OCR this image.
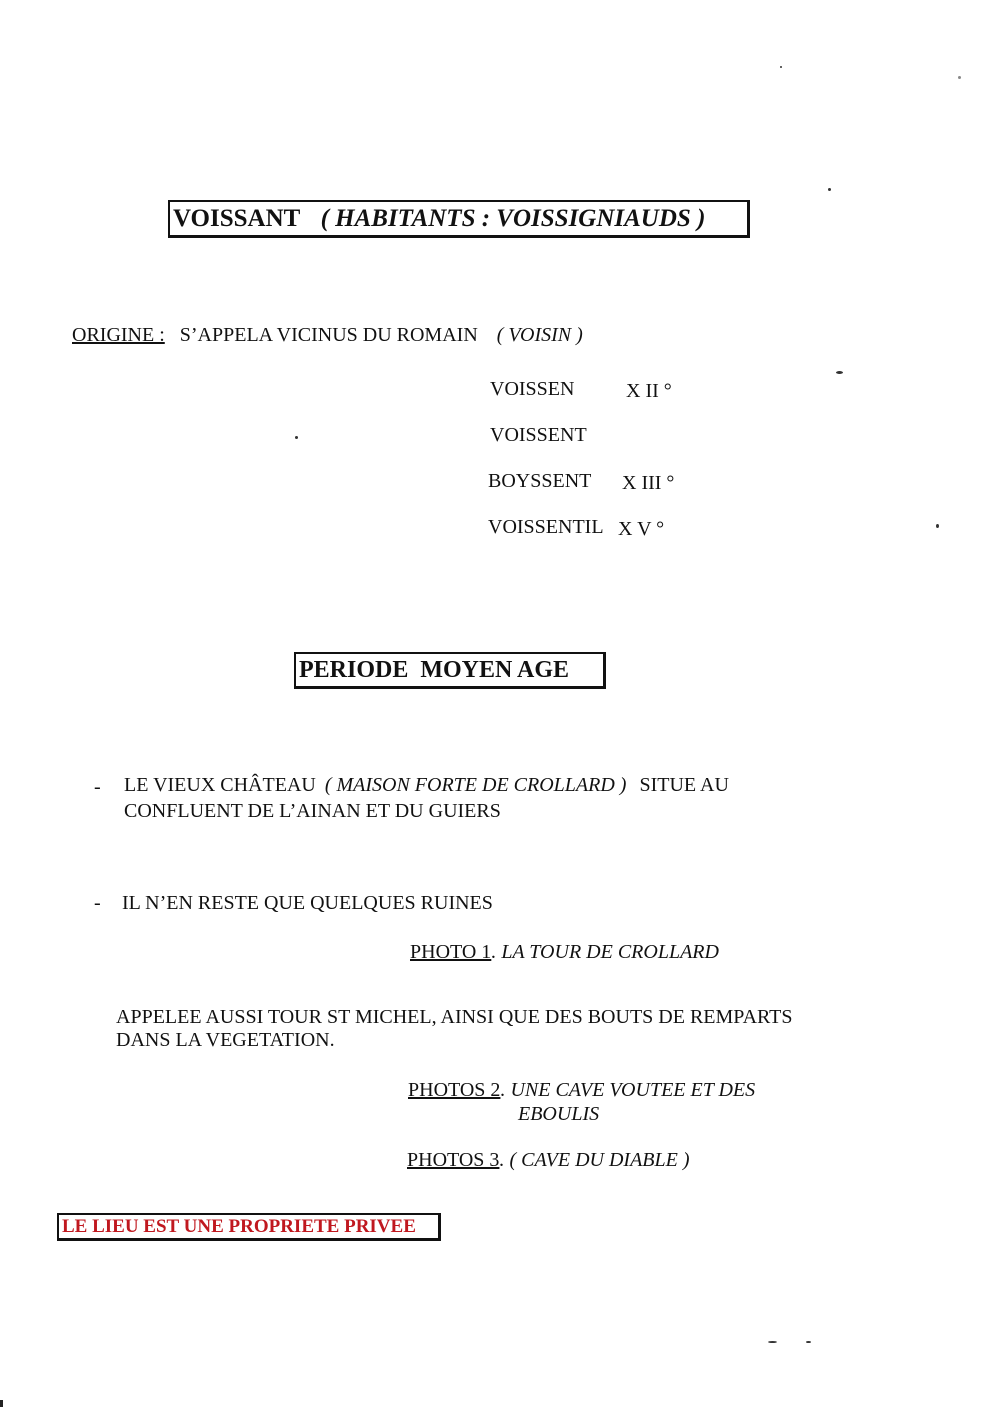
VOISSANT ( HABITANTS : VOISSIGNIAUDS )
ORIGINE : S’APPELA VICINUS DU ROMAIN ( VOISIN )
VOISSEN	X II °
VOISSENT
BOYSSENT X III °
VOISSENTIL X V °
PERIODE  MOYEN AGE
- LE VIEUX CHÂTEAU ( MAISON FORTE DE CROLLARD ) SITUE AU
CONFLUENT DE L’AINAN ET DU GUIERS
- IL N’EN RESTE QUE QUELQUES RUINES
PHOTO 1. LA TOUR DE CROLLARD
APPELEE AUSSI TOUR ST MICHEL, AINSI QUE DES BOUTS DE REMPARTS
DANS LA VEGETATION.
PHOTOS 2. UNE CAVE VOUTEE ET DES
EBOULIS
PHOTOS 3. ( CAVE DU DIABLE )
LE LIEU EST UNE PROPRIETE PRIVEE
